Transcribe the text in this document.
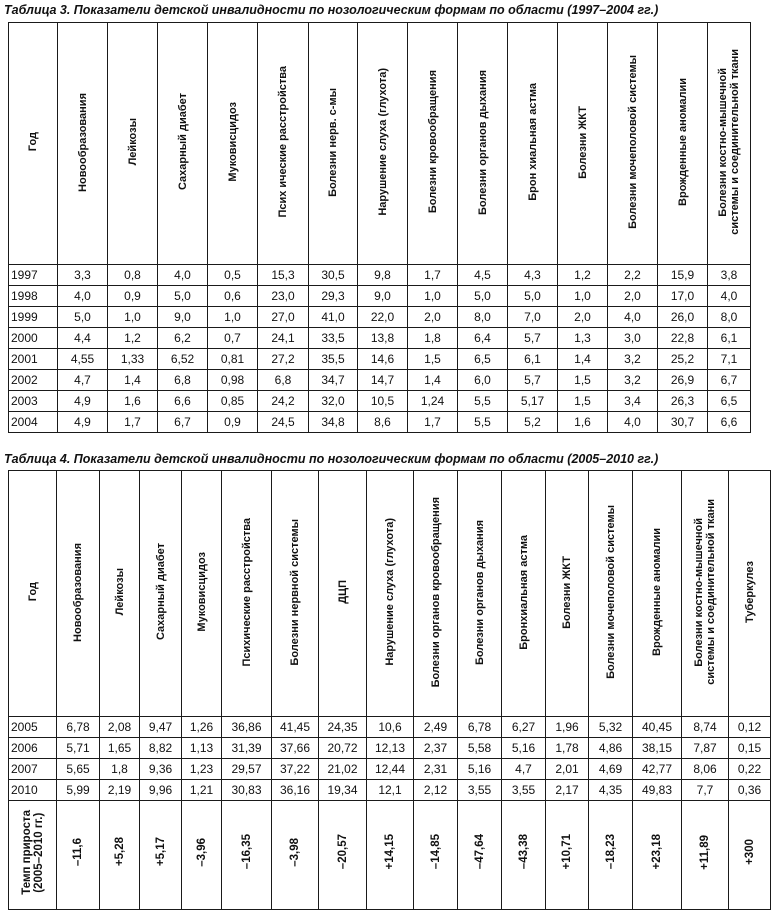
Таблица 3. Показатели детской инвалидности по нозологическим формам по области (1997–2004 гг.)
Год	Новообразования	Лейкозы	Сахарный диабет	Муковисцидоз	Псих ические расстройства	Болезни нерв. с-мы	Нарушение слуха (глухота)	Болезни кровообращения	Болезни органов дыхания	Брон хиальная астма	Болезни ЖКТ	Болезни мочеполовой системы	Врожденные аномалии	Болезни костно-мышечной
системы и соединительной ткани
1997	3,3	0,8	4,0	0,5	15,3	30,5	9,8	1,7	4,5	4,3	1,2	2,2	15,9	3,8
1998	4,0	0,9	5,0	0,6	23,0	29,3	9,0	1,0	5,0	5,0	1,0	2,0	17,0	4,0
1999	5,0	1,0	9,0	1,0	27,0	41,0	22,0	2,0	8,0	7,0	2,0	4,0	26,0	8,0
2000	4,4	1,2	6,2	0,7	24,1	33,5	13,8	1,8	6,4	5,7	1,3	3,0	22,8	6,1
2001	4,55	1,33	6,52	0,81	27,2	35,5	14,6	1,5	6,5	6,1	1,4	3,2	25,2	7,1
2002	4,7	1,4	6,8	0,98	6,8	34,7	14,7	1,4	6,0	5,7	1,5	3,2	26,9	6,7
2003	4,9	1,6	6,6	0,85	24,2	32,0	10,5	1,24	5,5	5,17	1,5	3,4	26,3	6,5
2004	4,9	1,7	6,7	0,9	24,5	34,8	8,6	1,7	5,5	5,2	1,6	4,0	30,7	6,6
Таблица 4. Показатели детской инвалидности по нозологическим формам по области (2005–2010 гг.)
Год	Новообразования	Лейкозы	Сахарный диабет	Муковисцидоз	Психические расстройства	Болезни нервной системы	ДЦП	Нарушение слуха (глухота)	Болезни органов кровообращения	Болезни органов дыхания	Бронхиальная астма	Болезни ЖКТ	Болезни мочеполовой системы	Врожденные аномалии	Болезни костно-мышечной
системы и соединительной ткани	Туберкулез
2005	6,78	2,08	9,47	1,26	36,86	41,45	24,35	10,6	2,49	6,78	6,27	1,96	5,32	40,45	8,74	0,12
2006	5,71	1,65	8,82	1,13	31,39	37,66	20,72	12,13	2,37	5,58	5,16	1,78	4,86	38,15	7,87	0,15
2007	5,65	1,8	9,36	1,23	29,57	37,22	21,02	12,44	2,31	5,16	4,7	2,01	4,69	42,77	8,06	0,22
2010	5,99	2,19	9,96	1,21	30,83	36,16	19,34	12,1	2,12	3,55	3,55	2,17	4,35	49,83	7,7	0,36
Темп прироста
(2005–2010 гг.)	–11,6	+5,28	+5,17	–3,96	–16,35	–3,98	–20,57	+14,15	–14,85	–47,64	–43,38	+10,71	–18,23	+23,18	+11,89	+300
